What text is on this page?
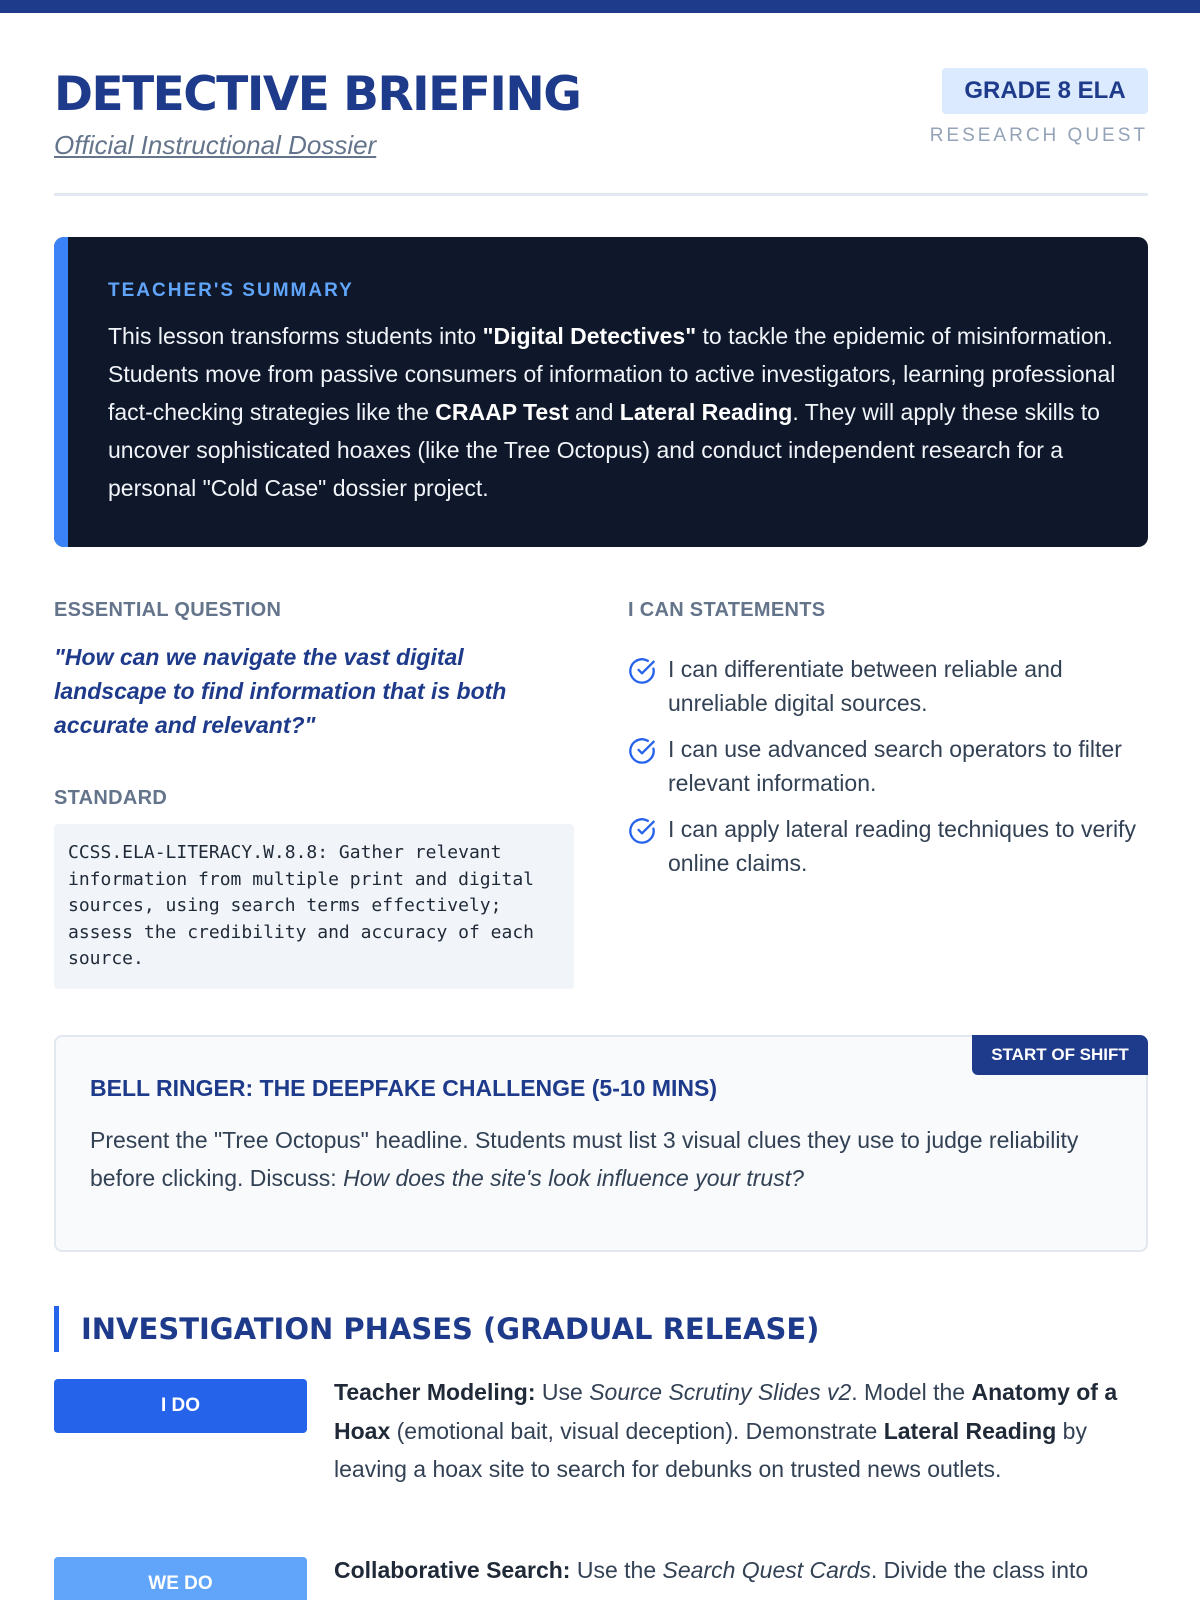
DETECTIVE BRIEFING
Official Instructional Dossier
GRADE 8 ELA
RESEARCH QUEST
TEACHER'S SUMMARY

This lesson transforms students into "Digital Detectives" to tackle the epidemic of misinformation. Students move from passive consumers of information to active investigators, learning professional fact-checking strategies like the CRAAP Test and Lateral Reading. They will apply these skills to uncover sophisticated hoaxes (like the Tree Octopus) and conduct independent research for a personal "Cold Case" dossier project.

ESSENTIAL QUESTION

"How can we navigate the vast digital landscape to find information that is both accurate and relevant?"

STANDARD
CCSS.ELA-LITERACY.W.8.8: Gather relevant information from multiple print and digital sources, using search terms effectively; assess the credibility and accuracy of each source.
I CAN STATEMENTS
I can differentiate between reliable and unreliable digital sources.
I can use advanced search operators to filter relevant information.
I can apply lateral reading techniques to verify online claims.
START OF SHIFT
BELL RINGER: THE DEEPFAKE CHALLENGE (5-10 MINS)

Present the "Tree Octopus" headline. Students must list 3 visual clues they use to judge reliability before clicking. Discuss: How does the site's look influence your trust?

INVESTIGATION PHASES (GRADUAL RELEASE)
I DO

Teacher Modeling: Use Source Scrutiny Slides v2. Model the Anatomy of a Hoax (emotional bait, visual deception). Demonstrate Lateral Reading by leaving a hoax site to search for debunks on trusted news outlets.

WE DO

Collaborative Search: Use the Search Quest Cards. Divide the class into
